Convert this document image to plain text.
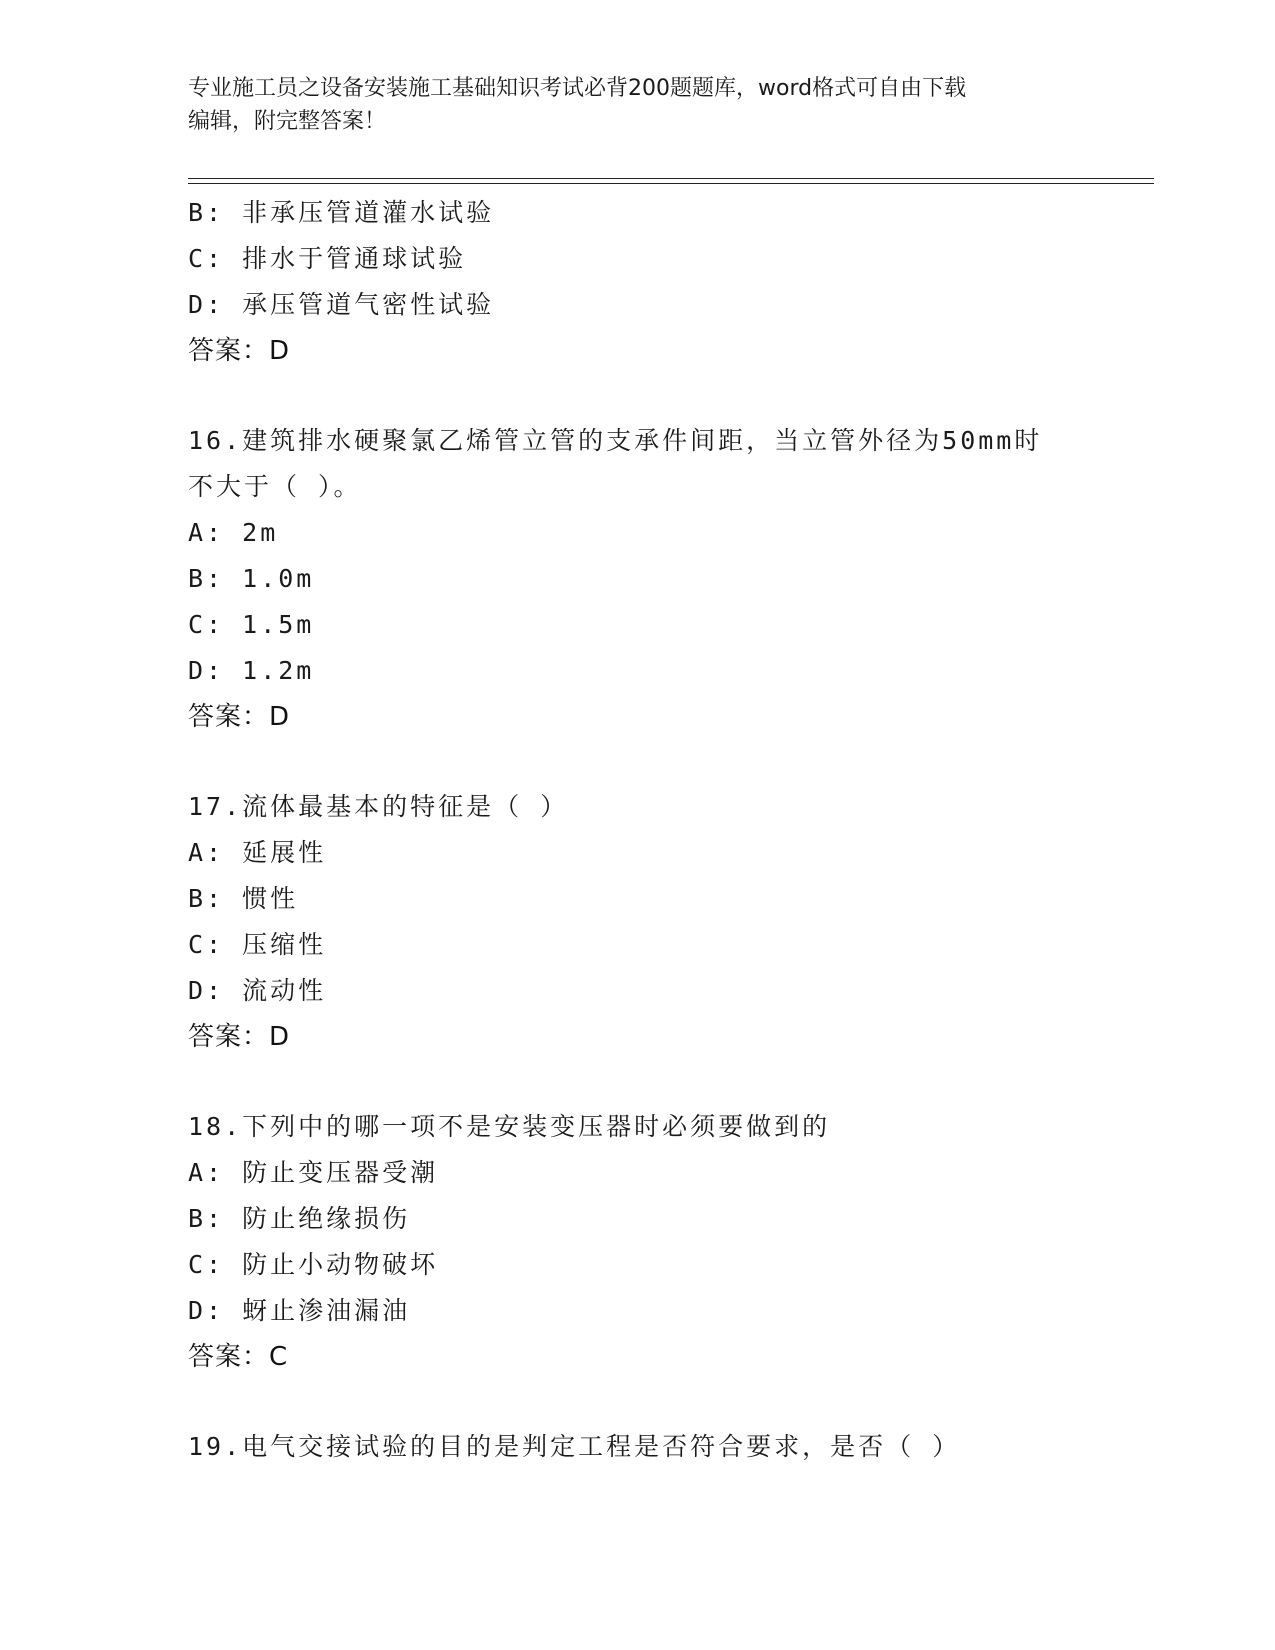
专业施工员之设备安装施工基础知识考试必背200题题库，word格式可自由下载
编辑，附完整答案！
B: 非承压管道灌水试验
C: 排水于管通球试验
D: 承压管道气密性试验
答案：D
16.建筑排水硬聚氯乙烯管立管的支承件间距，当立管外径为50mm时
不大于（ ）。
A: 2m
B: 1.0m
C: 1.5m
D: 1.2m
答案：D
17.流体最基本的特征是（ ）
A: 延展性
B: 惯性
C: 压缩性
D: 流动性
答案：D
18.下列中的哪一项不是安装变压器时必须要做到的
A: 防止变压器受潮
B: 防止绝缘损伤
C: 防止小动物破坏
D: 蚜止渗油漏油
答案：C
19.电气交接试验的目的是判定工程是否符合要求，是否（ ）
